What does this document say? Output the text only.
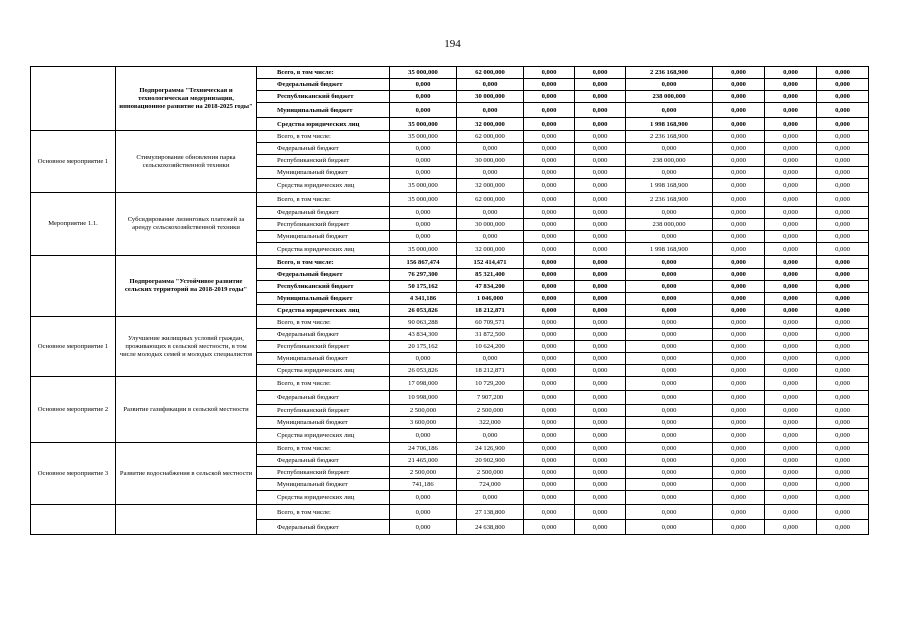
194
	Подпрограмма "Техническая и технологическая модернизация, инновационное развитие на 2018-2025 годы"	Всего, в том числе:	35 000,000	62 000,000	0,000	0,000	2 236 168,900	0,000	0,000	0,000
		Федеральный бюджет	0,000	0,000	0,000	0,000	0,000	0,000	0,000	0,000
		Республиканский бюджет	0,000	30 000,000	0,000	0,000	238 000,000	0,000	0,000	0,000
		Муниципальный бюджет	0,000	0,000	0,000	0,000	0,000	0,000	0,000	0,000
		Средства юридических лиц	35 000,000	32 000,000	0,000	0,000	1 998 168,900	0,000	0,000	0,000
Основное мероприятие 1	Стимулирование обновления парка сельскохозяйственной техники	Всего, в том числе:	35 000,000	62 000,000	0,000	0,000	2 236 168,900	0,000	0,000	0,000
		Федеральный бюджет	0,000	0,000	0,000	0,000	0,000	0,000	0,000	0,000
		Республиканский бюджет	0,000	30 000,000	0,000	0,000	238 000,000	0,000	0,000	0,000
		Муниципальный бюджет	0,000	0,000	0,000	0,000	0,000	0,000	0,000	0,000
		Средства юридических лиц	35 000,000	32 000,000	0,000	0,000	1 998 168,900	0,000	0,000	0,000
Мероприятие 1.1.	Субсидирование лизинговых платежей за аренду сельскохозяйственной техники	Всего, в том числе:	35 000,000	62 000,000	0,000	0,000	2 236 168,900	0,000	0,000	0,000
		Федеральный бюджет	0,000	0,000	0,000	0,000	0,000	0,000	0,000	0,000
		Республиканский бюджет	0,000	30 000,000	0,000	0,000	238 000,000	0,000	0,000	0,000
		Муниципальный бюджет	0,000	0,000	0,000	0,000	0,000	0,000	0,000	0,000
		Средства юридических лиц	35 000,000	32 000,000	0,000	0,000	1 998 168,900	0,000	0,000	0,000
	Подпрограмма "Устойчивое развитие сельских территорий на 2018-2019 годы"	Всего, в том числе:	156 867,474	152 414,471	0,000	0,000	0,000	0,000	0,000	0,000
		Федеральный бюджет	76 297,300	85 321,400	0,000	0,000	0,000	0,000	0,000	0,000
		Республиканский бюджет	50 175,162	47 834,200	0,000	0,000	0,000	0,000	0,000	0,000
		Муниципальный бюджет	4 341,186	1 046,000	0,000	0,000	0,000	0,000	0,000	0,000
		Средства юридических лиц	26 053,826	18 212,871	0,000	0,000	0,000	0,000	0,000	0,000
Основное мероприятие 1	Улучшение жилищных условий граждан, проживающих в сельской местности, в том числе молодых семей и молодых специалистов	Всего, в том числе:	90 063,288	60 709,571	0,000	0,000	0,000	0,000	0,000	0,000
		Федеральный бюджет	43 834,300	31 872,500	0,000	0,000	0,000	0,000	0,000	0,000
		Республиканский бюджет	20 175,162	10 624,200	0,000	0,000	0,000	0,000	0,000	0,000
		Муниципальный бюджет	0,000	0,000	0,000	0,000	0,000	0,000	0,000	0,000
		Средства юридических лиц	26 053,826	18 212,871	0,000	0,000	0,000	0,000	0,000	0,000
Основное мероприятие 2	Развитие газификации в сельской местности	Всего, в том числе:	17 098,000	10 729,200	0,000	0,000	0,000	0,000	0,000	0,000
		Федеральный бюджет	10 998,000	7 907,200	0,000	0,000	0,000	0,000	0,000	0,000
		Республиканский бюджет	2 500,000	2 500,000	0,000	0,000	0,000	0,000	0,000	0,000
		Муниципальный бюджет	3 600,000	322,000	0,000	0,000	0,000	0,000	0,000	0,000
		Средства юридических лиц	0,000	0,000	0,000	0,000	0,000	0,000	0,000	0,000
Основное мероприятие 3	Развитие водоснабжения в сельской местности	Всего, в том числе:	24 706,186	24 126,900	0,000	0,000	0,000	0,000	0,000	0,000
		Федеральный бюджет	21 465,000	20 902,900	0,000	0,000	0,000	0,000	0,000	0,000
		Республиканский бюджет	2 500,000	2 500,000	0,000	0,000	0,000	0,000	0,000	0,000
		Муниципальный бюджет	741,186	724,000	0,000	0,000	0,000	0,000	0,000	0,000
		Средства юридических лиц	0,000	0,000	0,000	0,000	0,000	0,000	0,000	0,000
		Всего, в том числе:	0,000	27 138,800	0,000	0,000	0,000	0,000	0,000	0,000
		Федеральный бюджет	0,000	24 638,800	0,000	0,000	0,000	0,000	0,000	0,000
